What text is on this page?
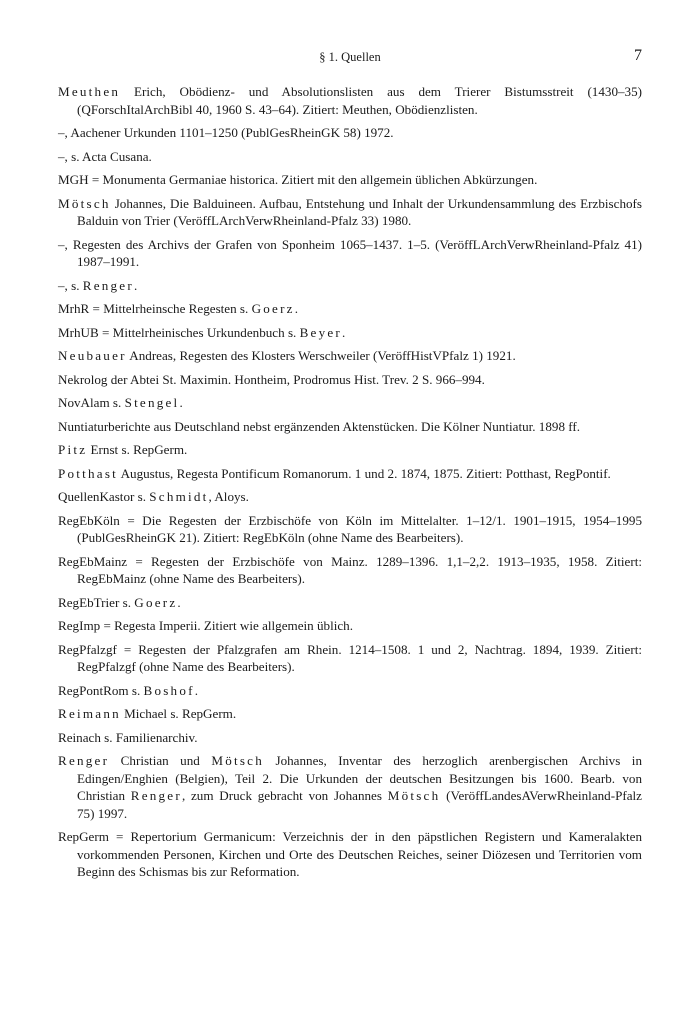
§ 1. Quellen	7

Meuthen Erich, Obödienz- und Absolutionslisten aus dem Trierer Bistumsstreit (1430–35) (QForschItalArchBibl 40, 1960 S. 43–64). Zitiert: Meuthen, Obödienzlisten.

–, Aachener Urkunden 1101–1250 (PublGesRheinGK 58) 1972.

–, s. Acta Cusana.

MGH = Monumenta Germaniae historica. Zitiert mit den allgemein üblichen Abkürzungen.

Mötsch Johannes, Die Balduineen. Aufbau, Entstehung und Inhalt der Urkundensammlung des Erzbischofs Balduin von Trier (VeröffLArchVerwRheinland-Pfalz 33) 1980.

–, Regesten des Archivs der Grafen von Sponheim 1065–1437. 1–5. (VeröffLArchVerwRheinland-Pfalz 41) 1987–1991.

–, s. Renger.

MrhR = Mittelrheinsche Regesten s. Goerz.

MrhUB = Mittelrheinisches Urkundenbuch s. Beyer.

Neubauer Andreas, Regesten des Klosters Werschweiler (VeröffHistVPfalz 1) 1921.

Nekrolog der Abtei St. Maximin. Hontheim, Prodromus Hist. Trev. 2 S. 966–994.

NovAlam s. Stengel.

Nuntiaturberichte aus Deutschland nebst ergänzenden Aktenstücken. Die Kölner Nuntiatur. 1898 ff.

Pitz Ernst s. RepGerm.

Potthast Augustus, Regesta Pontificum Romanorum. 1 und 2. 1874, 1875. Zitiert: Potthast, RegPontif.

QuellenKastor s. Schmidt, Aloys.

RegEbKöln = Die Regesten der Erzbischöfe von Köln im Mittelalter. 1–12/1. 1901–1915, 1954–1995 (PublGesRheinGK 21). Zitiert: RegEbKöln (ohne Name des Bearbeiters).

RegEbMainz = Regesten der Erzbischöfe von Mainz. 1289–1396. 1,1–2,2. 1913–1935, 1958. Zitiert: RegEbMainz (ohne Name des Bearbeiters).

RegEbTrier s. Goerz.

RegImp = Regesta Imperii. Zitiert wie allgemein üblich.

RegPfalzgf = Regesten der Pfalzgrafen am Rhein. 1214–1508. 1 und 2, Nachtrag. 1894, 1939. Zitiert: RegPfalzgf (ohne Name des Bearbeiters).

RegPontRom s. Boshof.

Reimann Michael s. RepGerm.

Reinach s. Familienarchiv.

Renger Christian und Mötsch Johannes, Inventar des herzoglich arenbergischen Archivs in Edingen/Enghien (Belgien), Teil 2. Die Urkunden der deutschen Besitzungen bis 1600. Bearb. von Christian Renger, zum Druck gebracht von Johannes Mötsch (VeröffLandesAVerwRheinland-Pfalz 75) 1997.

RepGerm = Repertorium Germanicum: Verzeichnis der in den päpstlichen Registern und Kameralakten vorkommenden Personen, Kirchen und Orte des Deutschen Reiches, seiner Diözesen und Territorien vom Beginn des Schismas bis zur Reformation.
